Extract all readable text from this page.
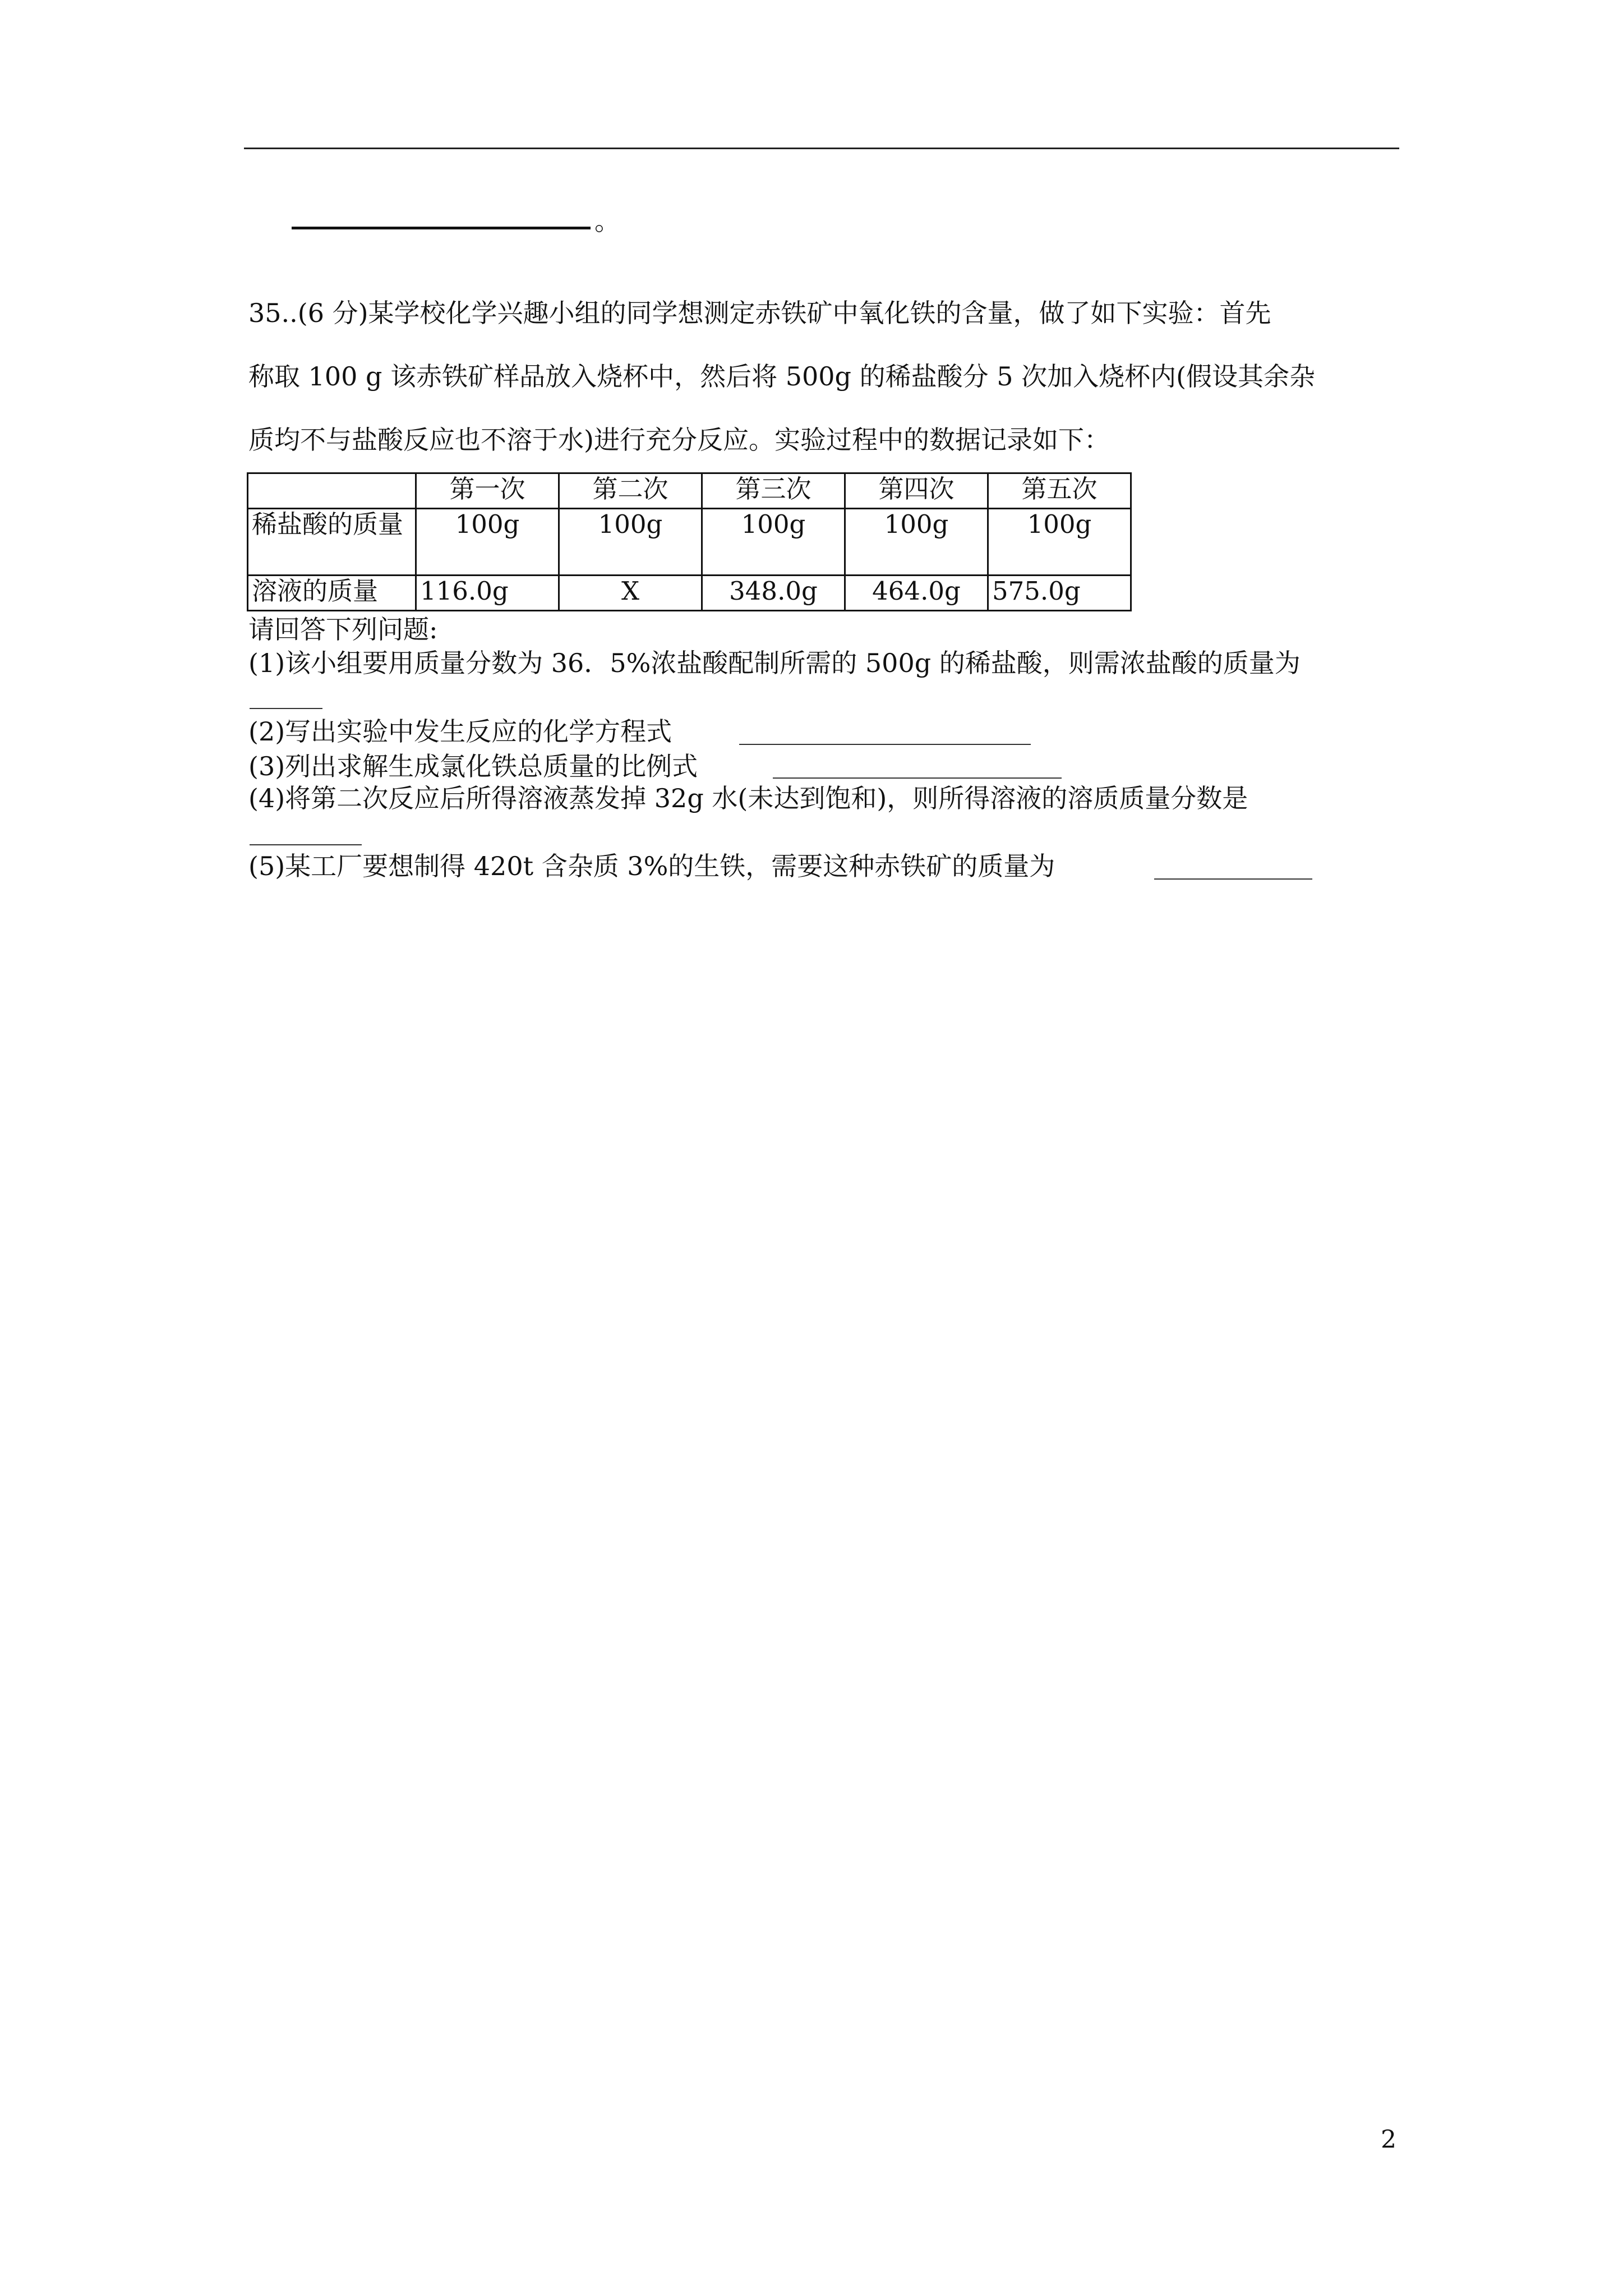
。
35..(6 分)某学校化学兴趣小组的同学想测定赤铁矿中氧化铁的含量，做了如下实验：首先
称取 100 g 该赤铁矿样品放入烧杯中，然后将 500g 的稀盐酸分 5 次加入烧杯内(假设其余杂
质均不与盐酸反应也不溶于水)进行充分反应。实验过程中的数据记录如下：
	第一次	第二次	第三次	第四次	第五次
稀盐酸的质量	100g	100g	100g	100g	100g
溶液的质量	116.0g	X	348.0g	464.0g	575.0g
请回答下列问题:
(1)该小组要用质量分数为 36．5%浓盐酸配制所需的 500g 的稀盐酸，则需浓盐酸的质量为
(2)写出实验中发生反应的化学方程式
(3)列出求解生成氯化铁总质量的比例式
(4)将第二次反应后所得溶液蒸发掉 32g 水(未达到饱和)，则所得溶液的溶质质量分数是
(5)某工厂要想制得 420t 含杂质 3%的生铁，需要这种赤铁矿的质量为
2
